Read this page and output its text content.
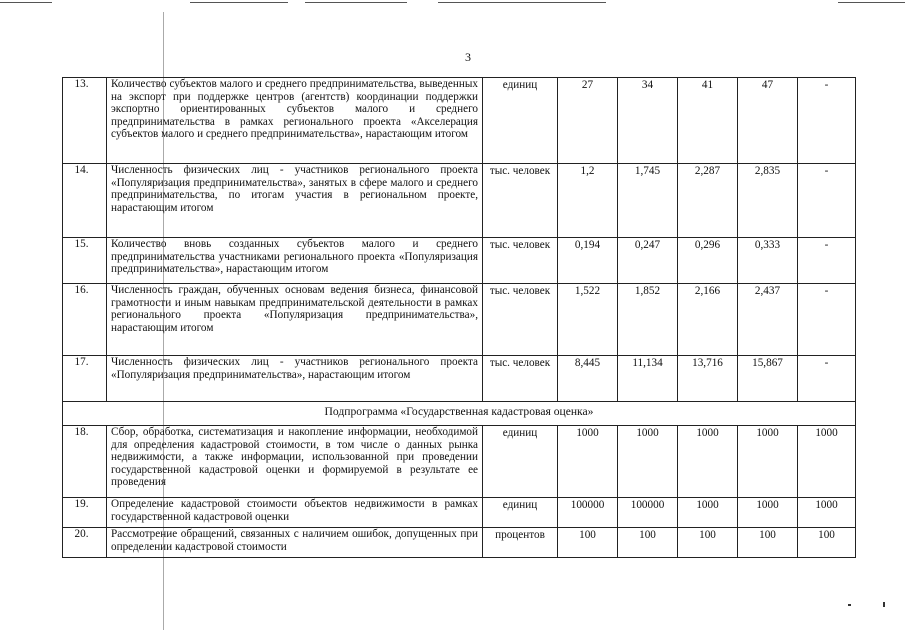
3
13.	Количество субъектов малого и среднего предпринимательства, выведенных на экспорт при поддержке центров (агентств) координации поддержки экспортно ориентированных субъектов малого и среднего предпринимательства в рамках регионального проекта «Акселерация субъектов малого и среднего предпринимательства», нарастающим итогом	единиц	27	34	41	47	-
14.	Численность физических лиц - участников регионального проекта «Популяризация предпринимательства», занятых в сфере малого и среднего предпринимательства, по итогам участия в региональном проекте, нарастающим итогом	тыс. человек	1,2	1,745	2,287	2,835	-
15.	Количество вновь созданных субъектов малого и среднего предпринимательства участниками регионального проекта «Популяризация предпринимательства», нарастающим итогом	тыс. человек	0,194	0,247	0,296	0,333	-
16.	Численность граждан, обученных основам ведения бизнеса, финансовой грамотности и иным навыкам предпринимательской деятельности в рамках регионального проекта «Популяризация предпринимательства», нарастающим итогом	тыс. человек	1,522	1,852	2,166	2,437	-
17.	Численность физических лиц - участников регионального проекта «Популяризация предпринимательства», нарастающим итогом	тыс. человек	8,445	11,134	13,716	15,867	-
Подпрограмма «Государственная кадастровая оценка»							
18.	Сбор, обработка, систематизация и накопление информации, необходимой для определения кадастровой стоимости, в том числе о данных рынка недвижимости, а также информации, использованной при проведении государственной кадастровой оценки и формируемой в результате ее проведения	единиц	1000	1000	1000	1000	1000
19.	Определение кадастровой стоимости объектов недвижимости в рамках государственной кадастровой оценки	единиц	100000	100000	1000	1000	1000
20.	Рассмотрение обращений, связанных с наличием ошибок, допущенных при определении кадастровой стоимости	процентов	100	100	100	100	100
